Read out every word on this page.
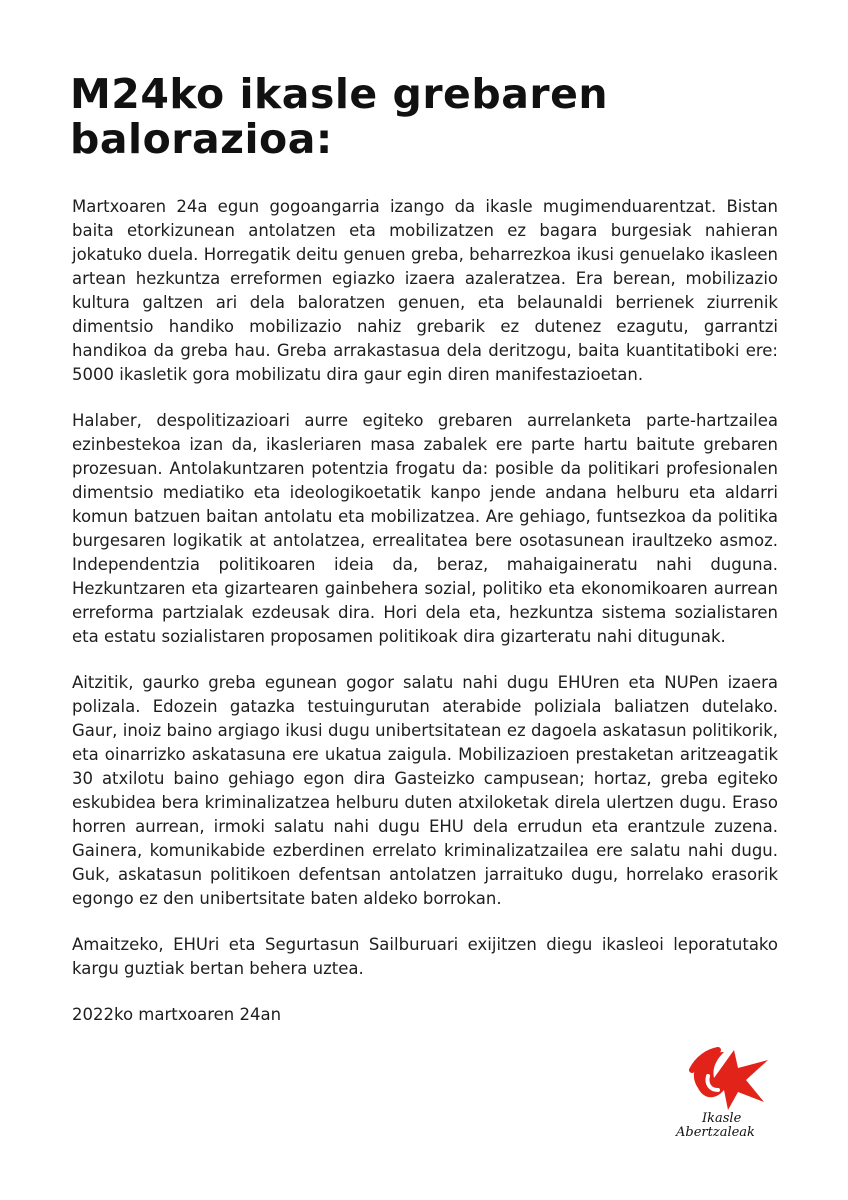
M24ko ikasle grebaren balorazioa:

Martxoaren 24a egun gogoangarria izango da ikasle mugimenduarentzat. Bistan baita etorkizunean antolatzen eta mobilizatzen ez bagara burgesiak nahieran jokatuko duela. Horregatik deitu genuen greba, beharrezkoa ikusi genuelako ikasleen artean hezkuntza erreformen egiazko izaera azaleratzea. Era berean, mobilizazio kultura galtzen ari dela baloratzen genuen, eta belaunaldi berrienek ziurrenik dimentsio handiko mobilizazio nahiz grebarik ez dutenez ezagutu, garrantzi handikoa da greba hau. Greba arrakastasua dela deritzogu, baita kuantitatiboki ere: 5000 ikasletik gora mobilizatu dira gaur egin diren manifestazioetan.

Halaber, despolitizazioari aurre egiteko grebaren aurrelanketa parte-hartzailea ezinbestekoa izan da, ikasleriaren masa zabalek ere parte hartu baitute grebaren prozesuan. Antolakuntzaren potentzia frogatu da: posible da politikari profesionalen dimentsio mediatiko eta ideologikoetatik kanpo jende andana helburu eta aldarri komun batzuen baitan antolatu eta mobilizatzea. Are gehiago, funtsezkoa da politika burgesaren logikatik at antolatzea, errealitatea bere osotasunean iraultzeko asmoz. Independentzia politikoaren ideia da, beraz, mahaigaineratu nahi duguna. Hezkuntzaren eta gizartearen gainbehera sozial, politiko eta ekonomikoaren aurrean erreforma partzialak ezdeusak dira. Hori dela eta, hezkuntza sistema sozialistaren eta estatu sozialistaren proposamen politikoak dira gizarteratu nahi ditugunak.

Aitzitik, gaurko greba egunean gogor salatu nahi dugu EHUren eta NUPen izaera polizala. Edozein gatazka testuingurutan aterabide poliziala baliatzen dutelako. Gaur, inoiz baino argiago ikusi dugu unibertsitatean ez dagoela askatasun politikorik, eta oinarrizko askatasuna ere ukatua zaigula. Mobilizazioen prestaketan aritzeagatik 30 atxilotu baino gehiago egon dira Gasteizko campusean; hortaz, greba egiteko eskubidea bera kriminalizatzea helburu duten atxiloketak direla ulertzen dugu. Eraso horren aurrean, irmoki salatu nahi dugu EHU dela errudun eta erantzule zuzena. Gainera, komunikabide ezberdinen errelato kriminalizatzailea ere salatu nahi dugu. Guk, askatasun politikoen defentsan antolatzen jarraituko dugu, horrelako erasorik egongo ez den unibertsitate baten aldeko borrokan.

Amaitzeko, EHUri eta Segurtasun Sailburuari exijitzen diegu ikasleoi leporatutako kargu guztiak bertan behera uztea.

2022ko martxoaren 24an

Ikasle
Abertzaleak
